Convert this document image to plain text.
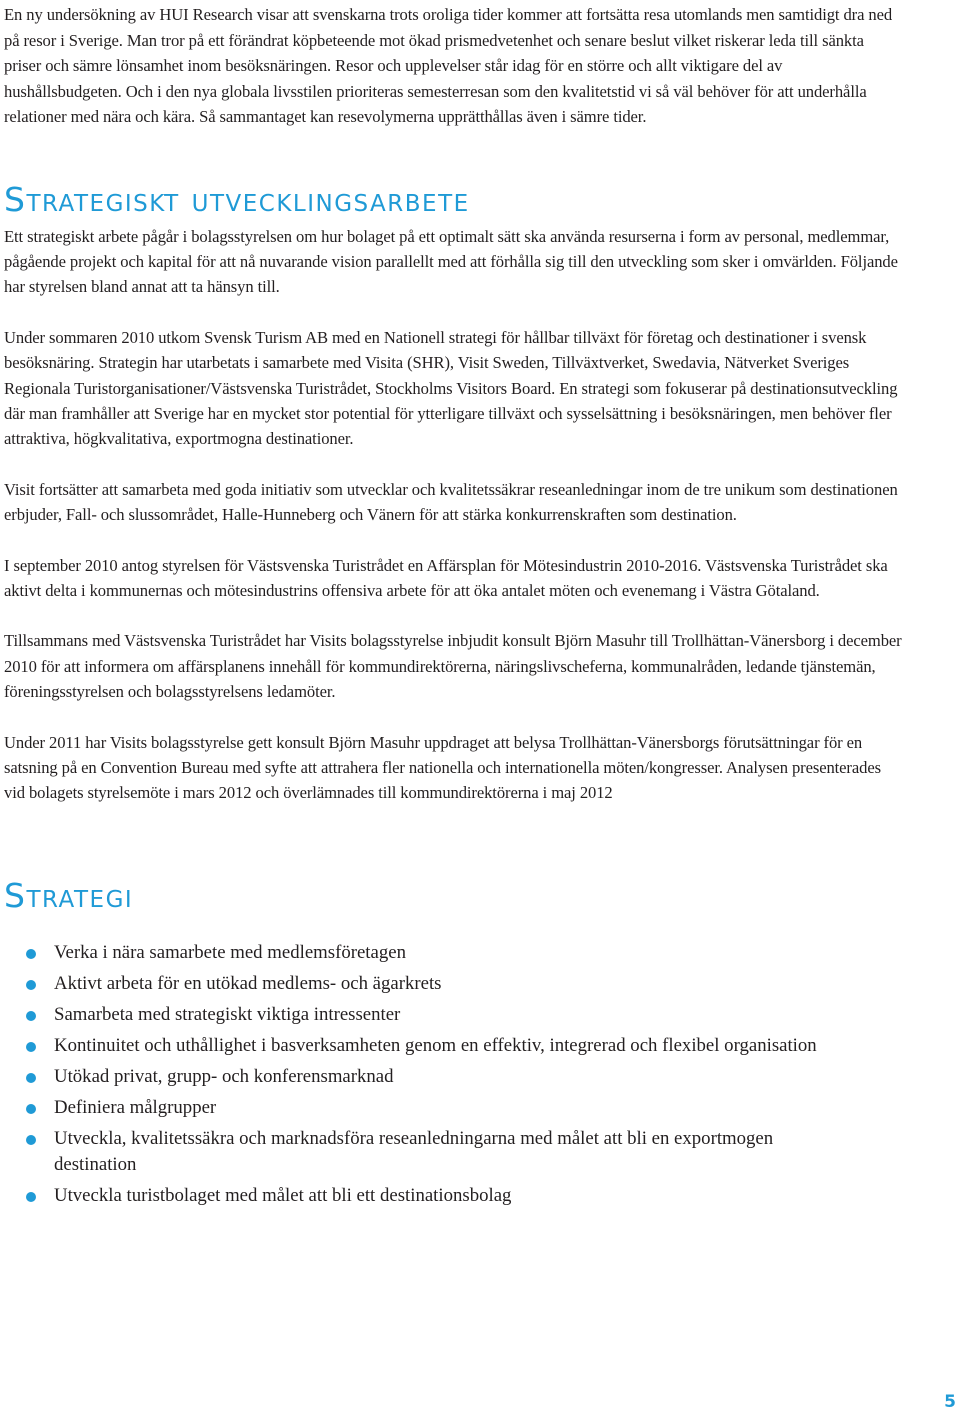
En ny undersökning av HUI Research visar att svenskarna trots oroliga tider kommer att fortsätta resa utomlands men samtidigt dra ned på resor i Sverige. Man tror på ett förändrat köpbeteende mot ökad prismedvetenhet och senare beslut vilket riskerar leda till sänkta priser och sämre lönsamhet inom besöksnäringen. Resor och upplevelser står idag för en större och allt viktigare del av hushållsbudgeten. Och i den nya globala livsstilen prioriteras semesterresan som den kvalitetstid vi så väl behöver för att underhålla relationer med nära och kära. Så sammantaget kan resevolymerna upprätthållas även i sämre tider.

Strategiskt utvecklingsarbete

Ett strategiskt arbete pågår i bolagsstyrelsen om hur bolaget på ett optimalt sätt ska använda resurserna i form av personal, medlemmar, pågående projekt och kapital för att nå nuvarande vision parallellt med att förhålla sig till den utveckling som sker i omvärlden. Följande har styrelsen bland annat att ta hänsyn till.

Under sommaren 2010 utkom Svensk Turism AB med en Nationell strategi för hållbar tillväxt för företag och destinationer i svensk besöksnäring. Strategin har utarbetats i samarbete med Visita (SHR), Visit Sweden, Tillväxtverket, Swedavia, Nätverket Sveriges Regionala Turistorganisationer/Västsvenska Turistrådet, Stockholms Visitors Board. En strategi som fokuserar på destinationsutveckling där man framhåller att Sverige har en mycket stor potential för ytterligare tillväxt och sysselsättning i besöksnäringen, men behöver fler attraktiva, högkvalitativa, exportmogna destinationer.

Visit fortsätter att samarbeta med goda initiativ som utvecklar och kvalitetssäkrar reseanledningar inom de tre unikum som destinationen erbjuder, Fall- och slussområdet, Halle-Hunneberg och Vänern för att stärka konkurrenskraften som destination.

I september 2010 antog styrelsen för Västsvenska Turistrådet en Affärsplan för Mötesindustrin 2010-2016. Västsvenska Turistrådet ska aktivt delta i kommunernas och mötesindustrins offensiva arbete för att öka antalet möten och evenemang i Västra Götaland.

Tillsammans med Västsvenska Turistrådet har Visits bolagsstyrelse inbjudit konsult Björn Masuhr till Trollhättan-Vänersborg i december 2010 för att informera om affärsplanens innehåll för kommundirektörerna, näringslivscheferna, kommunalråden, ledande tjänstemän, föreningsstyrelsen och bolagsstyrelsens ledamöter.

Under 2011 har Visits bolagsstyrelse gett konsult Björn Masuhr uppdraget att belysa Trollhättan-Vänersborgs förutsättningar för en satsning på en Convention Bureau med syfte att attrahera fler nationella och internationella möten/kongresser. Analysen presenterades vid bolagets styrelsemöte i mars 2012 och överlämnades till kommundirektörerna i maj 2012

Strategi
Verka i nära samarbete med medlemsföretagen
Aktivt arbeta för en utökad medlems- och ägarkrets
Samarbeta med strategiskt viktiga intressenter
Kontinuitet och uthållighet i basverksamheten genom en effektiv, integrerad och flexibel organisation
Utökad privat, grupp- och konferensmarknad
Definiera målgrupper
Utveckla, kvalitetssäkra och marknadsföra reseanledningarna med målet att bli en exportmogen destination
Utveckla turistbolaget med målet att bli ett destinationsbolag
5
